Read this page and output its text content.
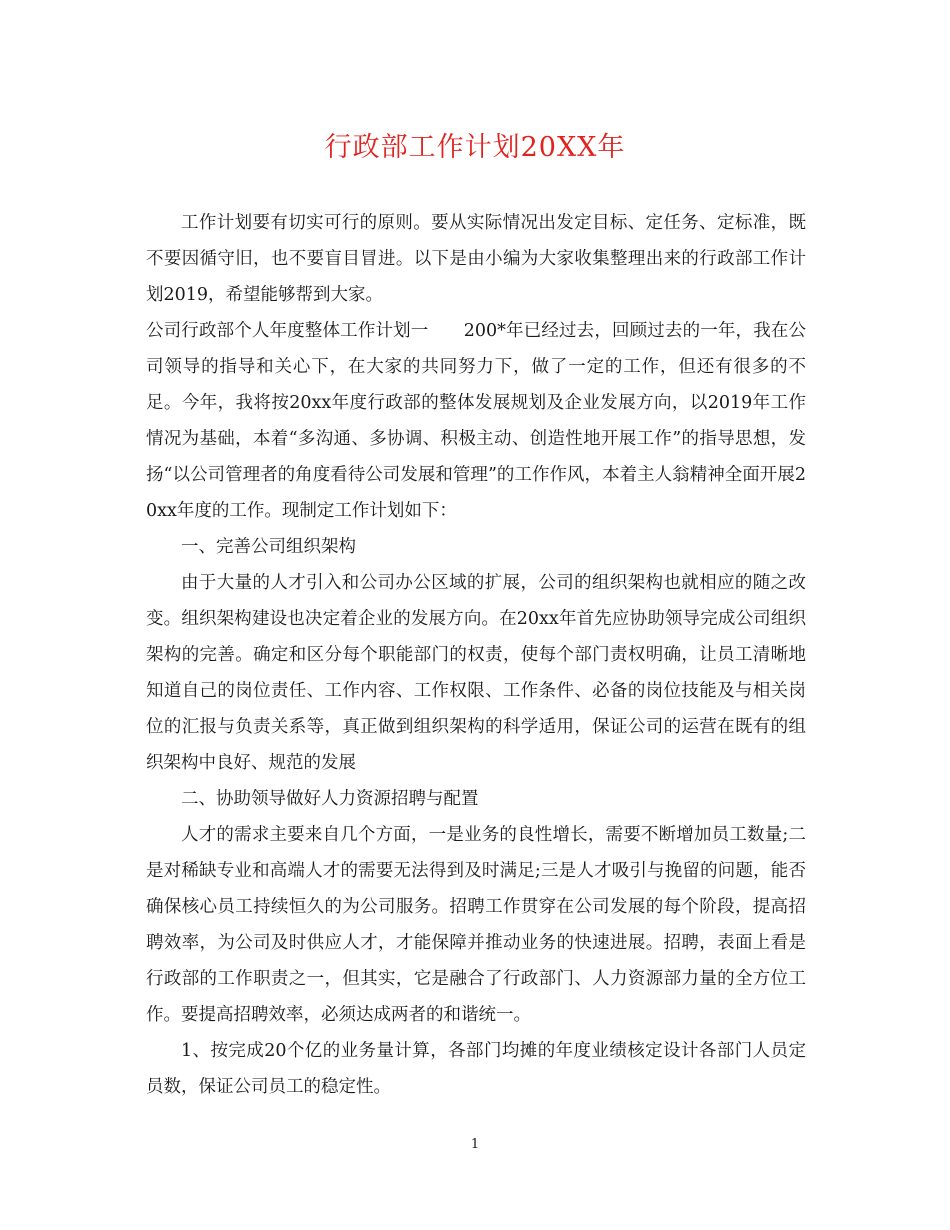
行政部工作计划20XX年

工作计划要有切实可行的原则。要从实际情况出发定目标、定任务、定标准，既不要因循守旧，也不要盲目冒进。以下是由小编为大家收集整理出来的行政部工作计划2019，希望能够帮到大家。

公司行政部个人年度整体工作计划一　　200*年已经过去，回顾过去的一年，我在公司领导的指导和关心下，在大家的共同努力下，做了一定的工作，但还有很多的不足。今年，我将按20xx年度行政部的整体发展规划及企业发展方向，以2019年工作情况为基础，本着“多沟通、多协调、积极主动、创造性地开展工作”的指导思想，发扬“以公司管理者的角度看待公司发展和管理”的工作作风，本着主人翁精神全面开展20xx年度的工作。现制定工作计划如下：

一、完善公司组织架构

由于大量的人才引入和公司办公区域的扩展，公司的组织架构也就相应的随之改变。组织架构建设也决定着企业的发展方向。在20xx年首先应协助领导完成公司组织架构的完善。确定和区分每个职能部门的权责，使每个部门责权明确，让员工清晰地知道自己的岗位责任、工作内容、工作权限、工作条件、必备的岗位技能及与相关岗位的汇报与负责关系等，真正做到组织架构的科学适用，保证公司的运营在既有的组织架构中良好、规范的发展

二、协助领导做好人力资源招聘与配置

人才的需求主要来自几个方面，一是业务的良性增长，需要不断增加员工数量;二是对稀缺专业和高端人才的需要无法得到及时满足;三是人才吸引与挽留的问题，能否确保核心员工持续恒久的为公司服务。招聘工作贯穿在公司发展的每个阶段，提高招聘效率，为公司及时供应人才，才能保障并推动业务的快速进展。招聘，表面上看是行政部的工作职责之一，但其实，它是融合了行政部门、人力资源部力量的全方位工作。要提高招聘效率，必须达成两者的和谐统一。

1、按完成20个亿的业务量计算，各部门均摊的年度业绩核定设计各部门人员定员数，保证公司员工的稳定性。

1
